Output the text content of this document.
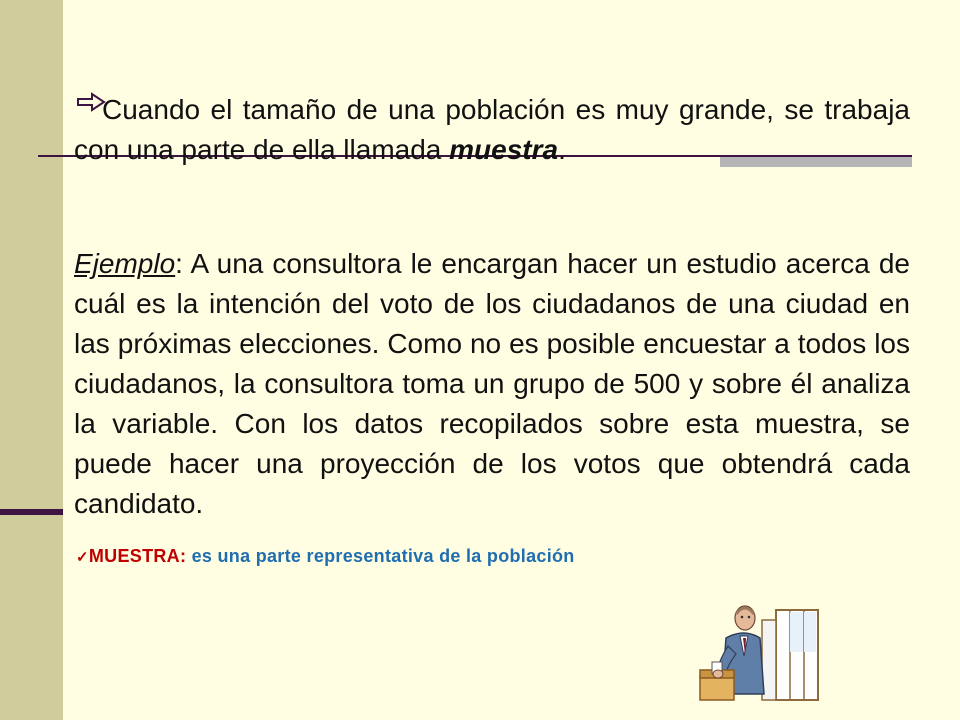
Cuando el tamaño de una población es muy grande, se trabaja con una parte de ella llamada muestra.
Ejemplo: A una consultora le encargan hacer un estudio acerca de cuál es la intención del voto de los ciudadanos de una ciudad en las próximas elecciones. Como no es posible encuestar a todos los ciudadanos, la consultora toma un grupo de 500 y sobre él analiza la variable. Con los datos recopilados sobre esta muestra, se puede hacer una proyección de los votos que obtendrá cada candidato.
✓MUESTRA: es una parte representativa de la población
